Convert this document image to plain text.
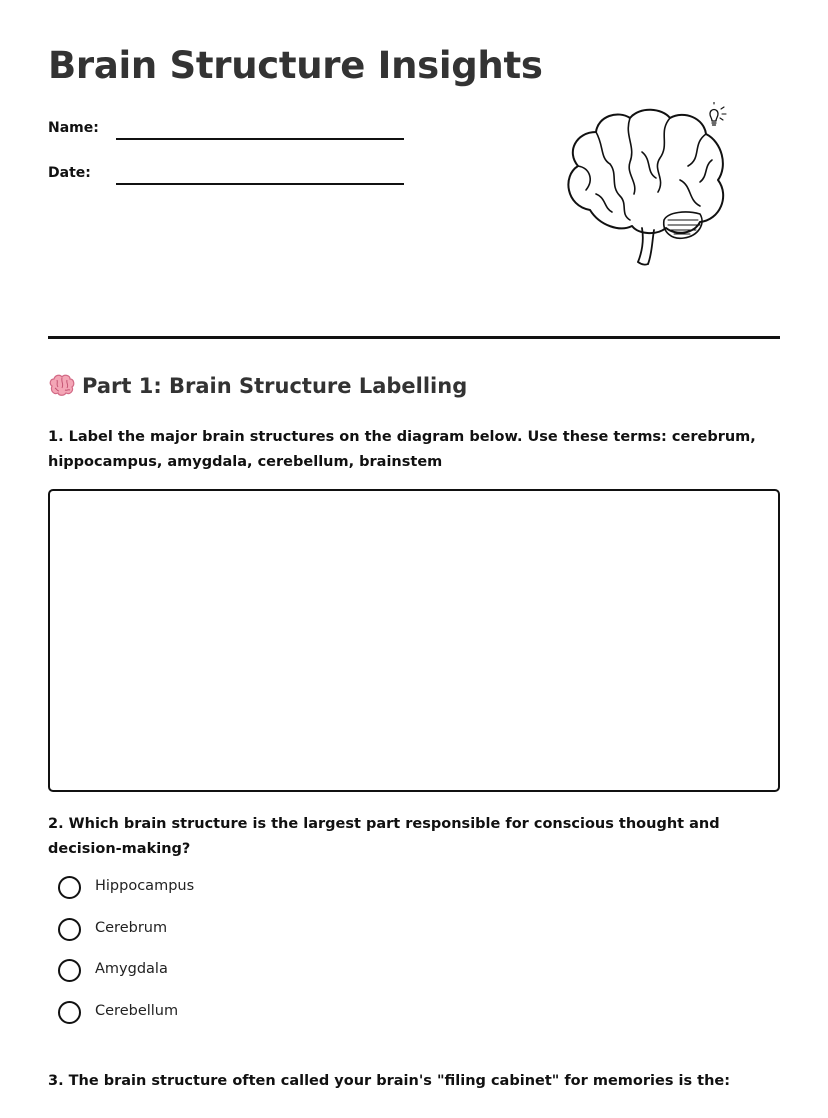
Brain Structure Insights
Name:
Date:
Part 1: Brain Structure Labelling

1. Label the major brain structures on the diagram below. Use these terms: cerebrum, hippocampus, amygdala, cerebellum, brainstem

2. Which brain structure is the largest part responsible for conscious thought and decision-making?

Hippocampus
Cerebrum
Amygdala
Cerebellum

3. The brain structure often called your brain's "filing cabinet" for memories is the:
